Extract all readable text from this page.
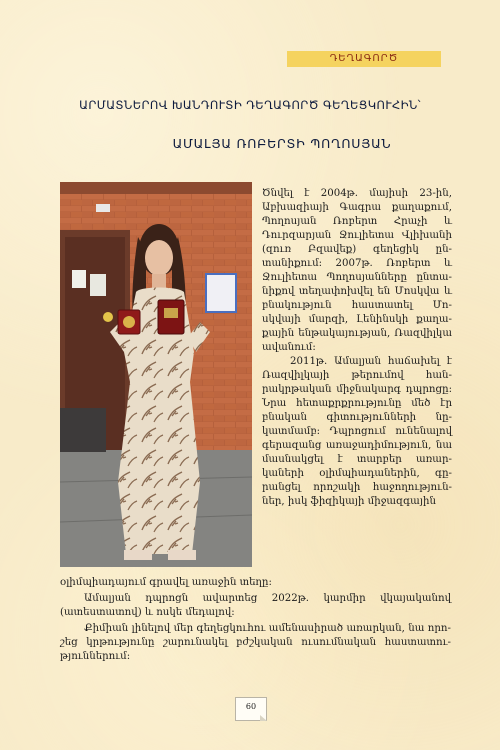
ԴԵՂԱԳՈՐԾ
ԱՐՄԱՏՆԵՐՈՎ ԽԱՆԴՈՒՏԻ ԴԵՂԱԳՈՐԾ ԳԵՂԵՑԿՈՒՀԻՆ՝
ԱՄԱԼՅԱ ՌՈԲԵՐՏԻ ՊՈՂՈՍՅԱՆ

Ծնվել է 2004թ. մայիսի 23-ին, Աբխազիայի Գագրա քաղաքում, Պողոսյան Ռոբերտ Հրաչի և Դուրզարյան Ջուլիետա Վլիխանի (զուռ Բզավեք) գեղեցիկ ընտանիքում: 2007թ. Ռոբերտ և Ջուլիետա Պողոսյանները ընտանիքով տեղափոխվել են Մոսկվա և բնակություն հաստատել Մոսկվայի մարզի, Լենինսկի քաղաքային ենթակայության, Ռազվիլկա ավանում:

2011թ. Ամալյան հաճախել է Ռազվիլկայի թերումով հանրակրթական միջնակարգ դպրոցը: Նրա հետաքրքրությունը մեծ էր բնական գիտությունների նըկատմամբ: Դպրոցում ունենալով գերազանց առաջադիմություն, նա մասնակցել է տարբեր առարկաների օլիմպիադաներին, գըրանցել որոշակի հաջողություններ, իսկ ֆիզիկայի միջազգային

օլիմպիադայում գրավել առաջին տեղը:

Ամալյան դպրոցն ավարտեց 2022թ. կարմիր վկայականով (ատեստատով) և ոսկե մեդալով:

Քիմիան լինելով մեր գեղեցկուհու ամենասիրած առարկան, նա որոշեց կրթությունը շարունակել բժշկական ուսումնական հաստատություններում:

60
